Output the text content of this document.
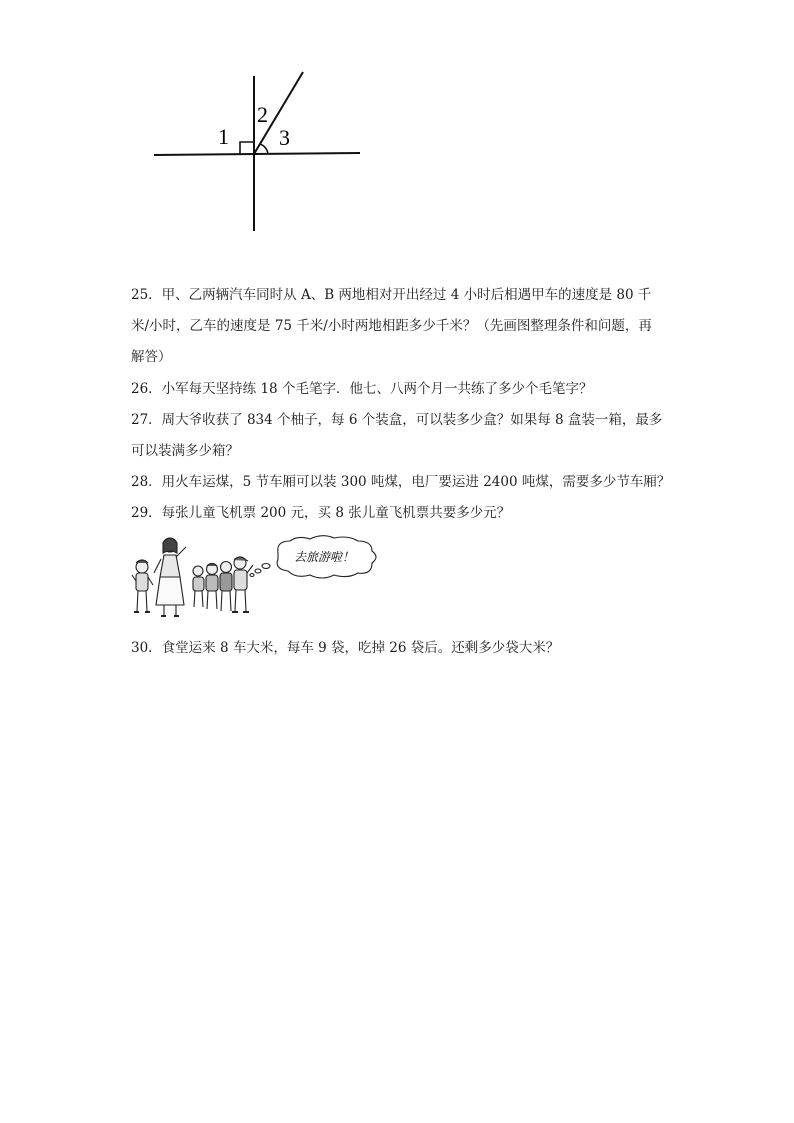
1
2
3
25．甲、乙两辆汽车同时从 A、B 两地相对开出经过 4 小时后相遇甲车的速度是 80 千
米/小时，乙车的速度是 75 千米/小时两地相距多少千米？（先画图整理条件和问题，再
解答）
26．小军每天坚持练 18 个毛笔字．他七、八两个月一共练了多少个毛笔字？
27．周大爷收获了 834 个柚子，每 6 个装盒，可以装多少盒？如果每 8 盒装一箱，最多
可以装满多少箱？
28．用火车运煤，5 节车厢可以装 300 吨煤，电厂要运进 2400 吨煤，需要多少节车厢？
29．每张儿童飞机票 200 元，买 8 张儿童飞机票共要多少元？
去旅游啦！
30．食堂运来 8 车大米，每车 9 袋，吃掉 26 袋后。还剩多少袋大米？
